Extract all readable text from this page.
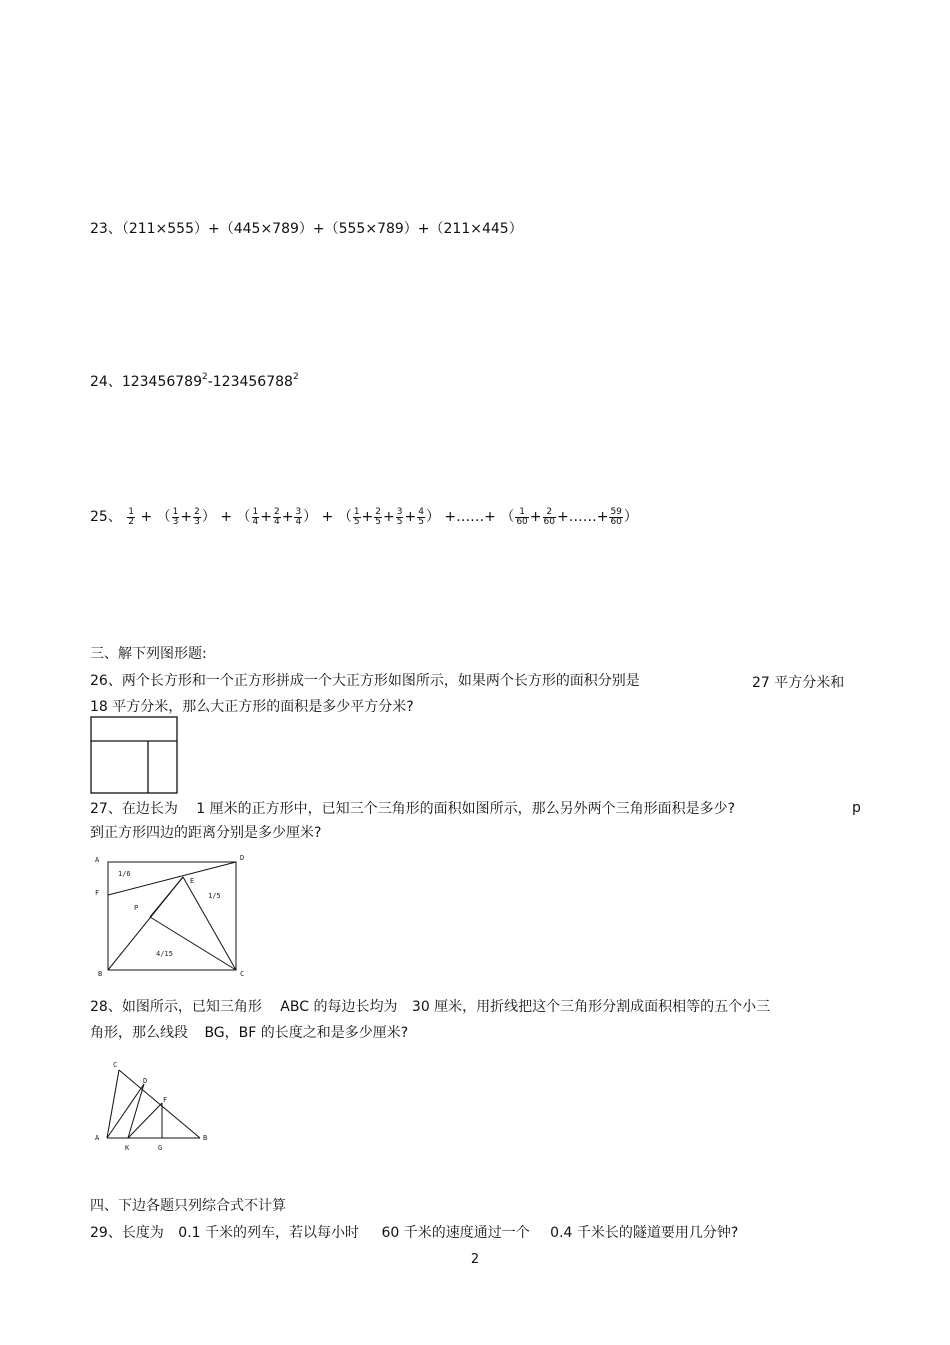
23、（211×555）+（445×789）+（555×789）+（211×445）
24、123456789$^2$-123456788$^2$
25、 $\frac{1}{2}$ + （ $\frac{1}{3} + \frac{2}{3}$ ） + （ $\frac{1}{4} + \frac{2}{4} + \frac{3}{4}$ ） + （ $\frac{1}{5} + \frac{2}{5} + \frac{3}{5} + \frac{4}{5}$ ） +……+ （ $\frac{1}{60} + \frac{2}{60}$ +……+ $\frac{59}{60}$ ）
三、解下列图形题:
26、两个长方形和一个正方形拼成一个大正方形如图所示，如果两个长方形的面积分别是	27 平方分米和
18 平方分米，那么大正方形的面积是多少平方分米?
27、在边长为 1 厘米的正方形中，已知三个三角形的面积如图所示，那么另外两个三角形面积是多少?	p
到正方形四边的距离分别是多少厘米?
A	D
F
E
P
B	C
1/6
1/5
4/15
28、如图所示，已知三角形 ABC 的每边长均为 30 厘米，用折线把这个三角形分割成面积相等的五个小三
角形，那么线段 BG，BF 的长度之和是多少厘米?
C
D
F
A
K	G
B
四、下边各题只列综合式不计算
29、长度为 0.1 千米的列车，若以每小时 60 千米的速度通过一个 0.4 千米长的隧道要用几分钟?
2
